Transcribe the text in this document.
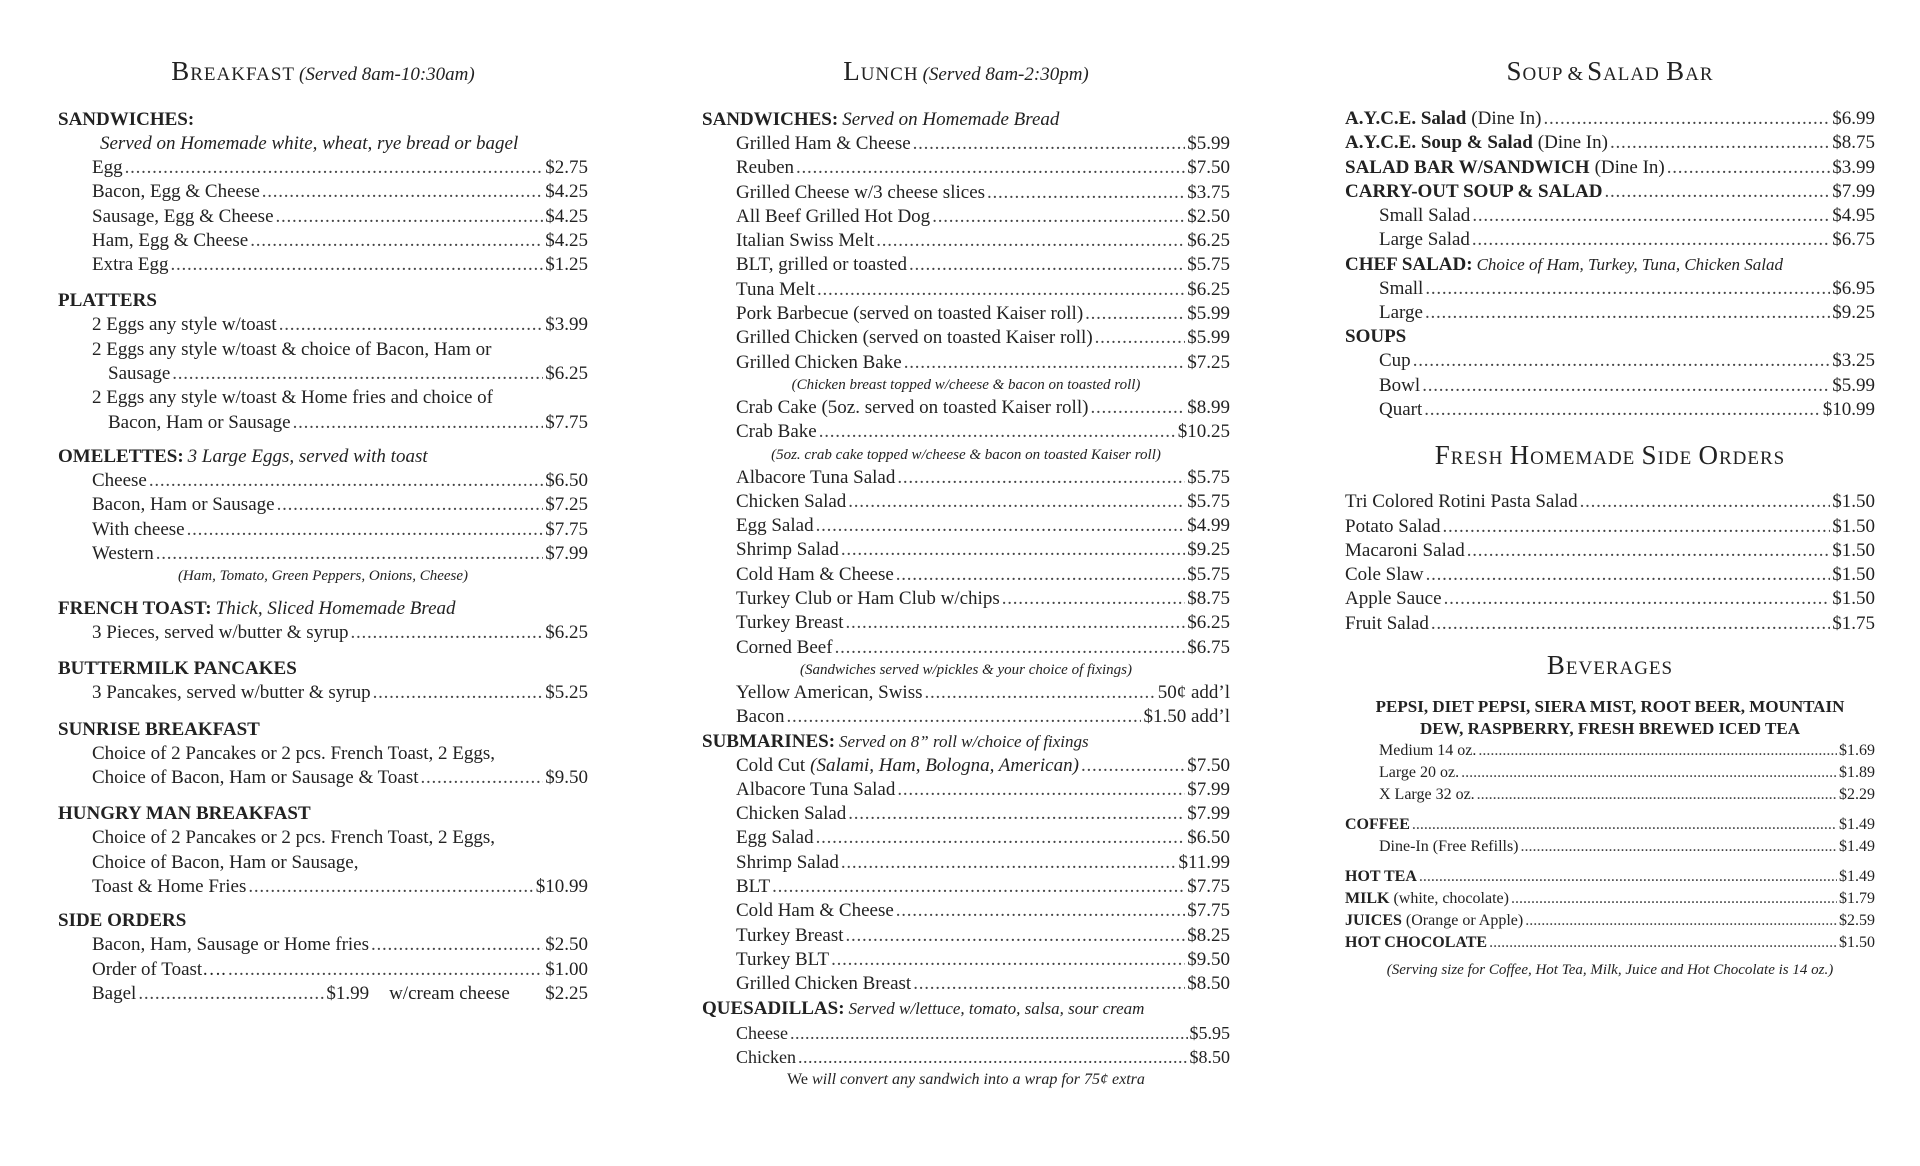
Breakfast (Served 8am-10:30am)
SANDWICHES:
Served on Homemade white, wheat, rye bread or bagel
Egg . . .	$2.75
Bacon, Egg & Cheese . . .	$4.25
Sausage, Egg & Cheese . . .	$4.25
Ham, Egg & Cheese . . .	$4.25
Extra Egg . . .	$1.25
PLATTERS
2 Eggs any style w/toast . . .	$3.99
2 Eggs any style w/toast & choice of Bacon, Ham or
Sausage . . .	$6.25
2 Eggs any style w/toast & Home fries and choice of
Bacon, Ham or Sausage . . .	$7.75
OMELETTES: 3 Large Eggs, served with toast
Cheese . . .	$6.50
Bacon, Ham or Sausage . . .	$7.25
With cheese . . .	$7.75
Western . . .	$7.99
(Ham, Tomato, Green Peppers, Onions, Cheese)
FRENCH TOAST: Thick, Sliced Homemade Bread
3 Pieces, served w/butter & syrup . . .	$6.25
BUTTERMILK PANCAKES
3 Pancakes, served w/butter & syrup . . .	$5.25
SUNRISE BREAKFAST
Choice of 2 Pancakes or 2 pcs. French Toast, 2 Eggs,
Choice of Bacon, Ham or Sausage & Toast . . .	$9.50
HUNGRY MAN BREAKFAST
Choice of 2 Pancakes or 2 pcs. French Toast, 2 Eggs,
Choice of Bacon, Ham or Sausage,
Toast & Home Fries . . .	$10.99
SIDE ORDERS
Bacon, Ham, Sausage or Home fries . . .	$2.50
Order of Toast…. . . .	$1.00
Bagel . . .	$1.99 w/cream cheese	$2.25
Lunch (Served 8am-2:30pm)
SANDWICHES: Served on Homemade Bread
Grilled Ham & Cheese . . .	$5.99
Reuben . . .	$7.50
Grilled Cheese w/3 cheese slices . . .	$3.75
All Beef Grilled Hot Dog . . .	$2.50
Italian Swiss Melt . . .	$6.25
BLT, grilled or toasted . . .	$5.75
Tuna Melt . . .	$6.25
Pork Barbecue (served on toasted Kaiser roll) . . .	$5.99
Grilled Chicken (served on toasted Kaiser roll) . . .	$5.99
Grilled Chicken Bake . . .	$7.25
(Chicken breast topped w/cheese & bacon on toasted roll)
Crab Cake (5oz. served on toasted Kaiser roll) . . .	$8.99
Crab Bake . . .	$10.25
(5oz. crab cake topped w/cheese & bacon on toasted Kaiser roll)
Albacore Tuna Salad . . .	$5.75
Chicken Salad . . .	$5.75
Egg Salad . . .	$4.99
Shrimp Salad . . .	$9.25
Cold Ham & Cheese . . .	$5.75
Turkey Club or Ham Club w/chips . . .	$8.75
Turkey Breast . . .	$6.25
Corned Beef . . .	$6.75
(Sandwiches served w/pickles & your choice of fixings)
Yellow American, Swiss . . .	50¢ add’l
Bacon . . .	$1.50 add’l
SUBMARINES: Served on 8” roll w/choice of fixings
Cold Cut (Salami, Ham, Bologna, American) . . .	$7.50
Albacore Tuna Salad . . .	$7.99
Chicken Salad . . .	$7.99
Egg Salad . . .	$6.50
Shrimp Salad . . .	$11.99
BLT . . .	$7.75
Cold Ham & Cheese . . .	$7.75
Turkey Breast . . .	$8.25
Turkey BLT . . .	$9.50
Grilled Chicken Breast . . .	$8.50
QUESADILLAS: Served w/lettuce, tomato, salsa, sour cream
Cheese . . .	$5.95
Chicken . . .	$8.50
We will convert any sandwich into a wrap for 75¢ extra
Soup & Salad Bar
A.Y.C.E. Salad (Dine In) . . .	$6.99
A.Y.C.E. Soup & Salad (Dine In) . . .	$8.75
SALAD BAR W/SANDWICH (Dine In) . . .	$3.99
CARRY-OUT SOUP & SALAD . . .	$7.99
Small Salad . . .	$4.95
Large Salad . . .	$6.75
CHEF SALAD: Choice of Ham, Turkey, Tuna, Chicken Salad
Small . . .	$6.95
Large . . .	$9.25
SOUPS
Cup . . .	$3.25
Bowl . . .	$5.99
Quart . . .	$10.99
Fresh Homemade Side Orders
Tri Colored Rotini Pasta Salad . . .	$1.50
Potato Salad . . .	$1.50
Macaroni Salad . . .	$1.50
Cole Slaw . . .	$1.50
Apple Sauce . . .	$1.50
Fruit Salad . . .	$1.75
Beverages
PEPSI, DIET PEPSI, SIERA MIST, ROOT BEER, MOUNTAIN
DEW, RASPBERRY, FRESH BREWED ICED TEA
Medium 14 oz. . . .	$1.69
Large 20 oz. . . .	$1.89
X Large 32 oz. . . .	$2.29
COFFEE . . .	$1.49
Dine-In (Free Refills) . . .	$1.49
HOT TEA . . .	$1.49
MILK (white, chocolate) . . .	$1.79
JUICES (Orange or Apple) . . .	$2.59
HOT CHOCOLATE . . .	$1.50
(Serving size for Coffee, Hot Tea, Milk, Juice and Hot Chocolate is 14 oz.)
